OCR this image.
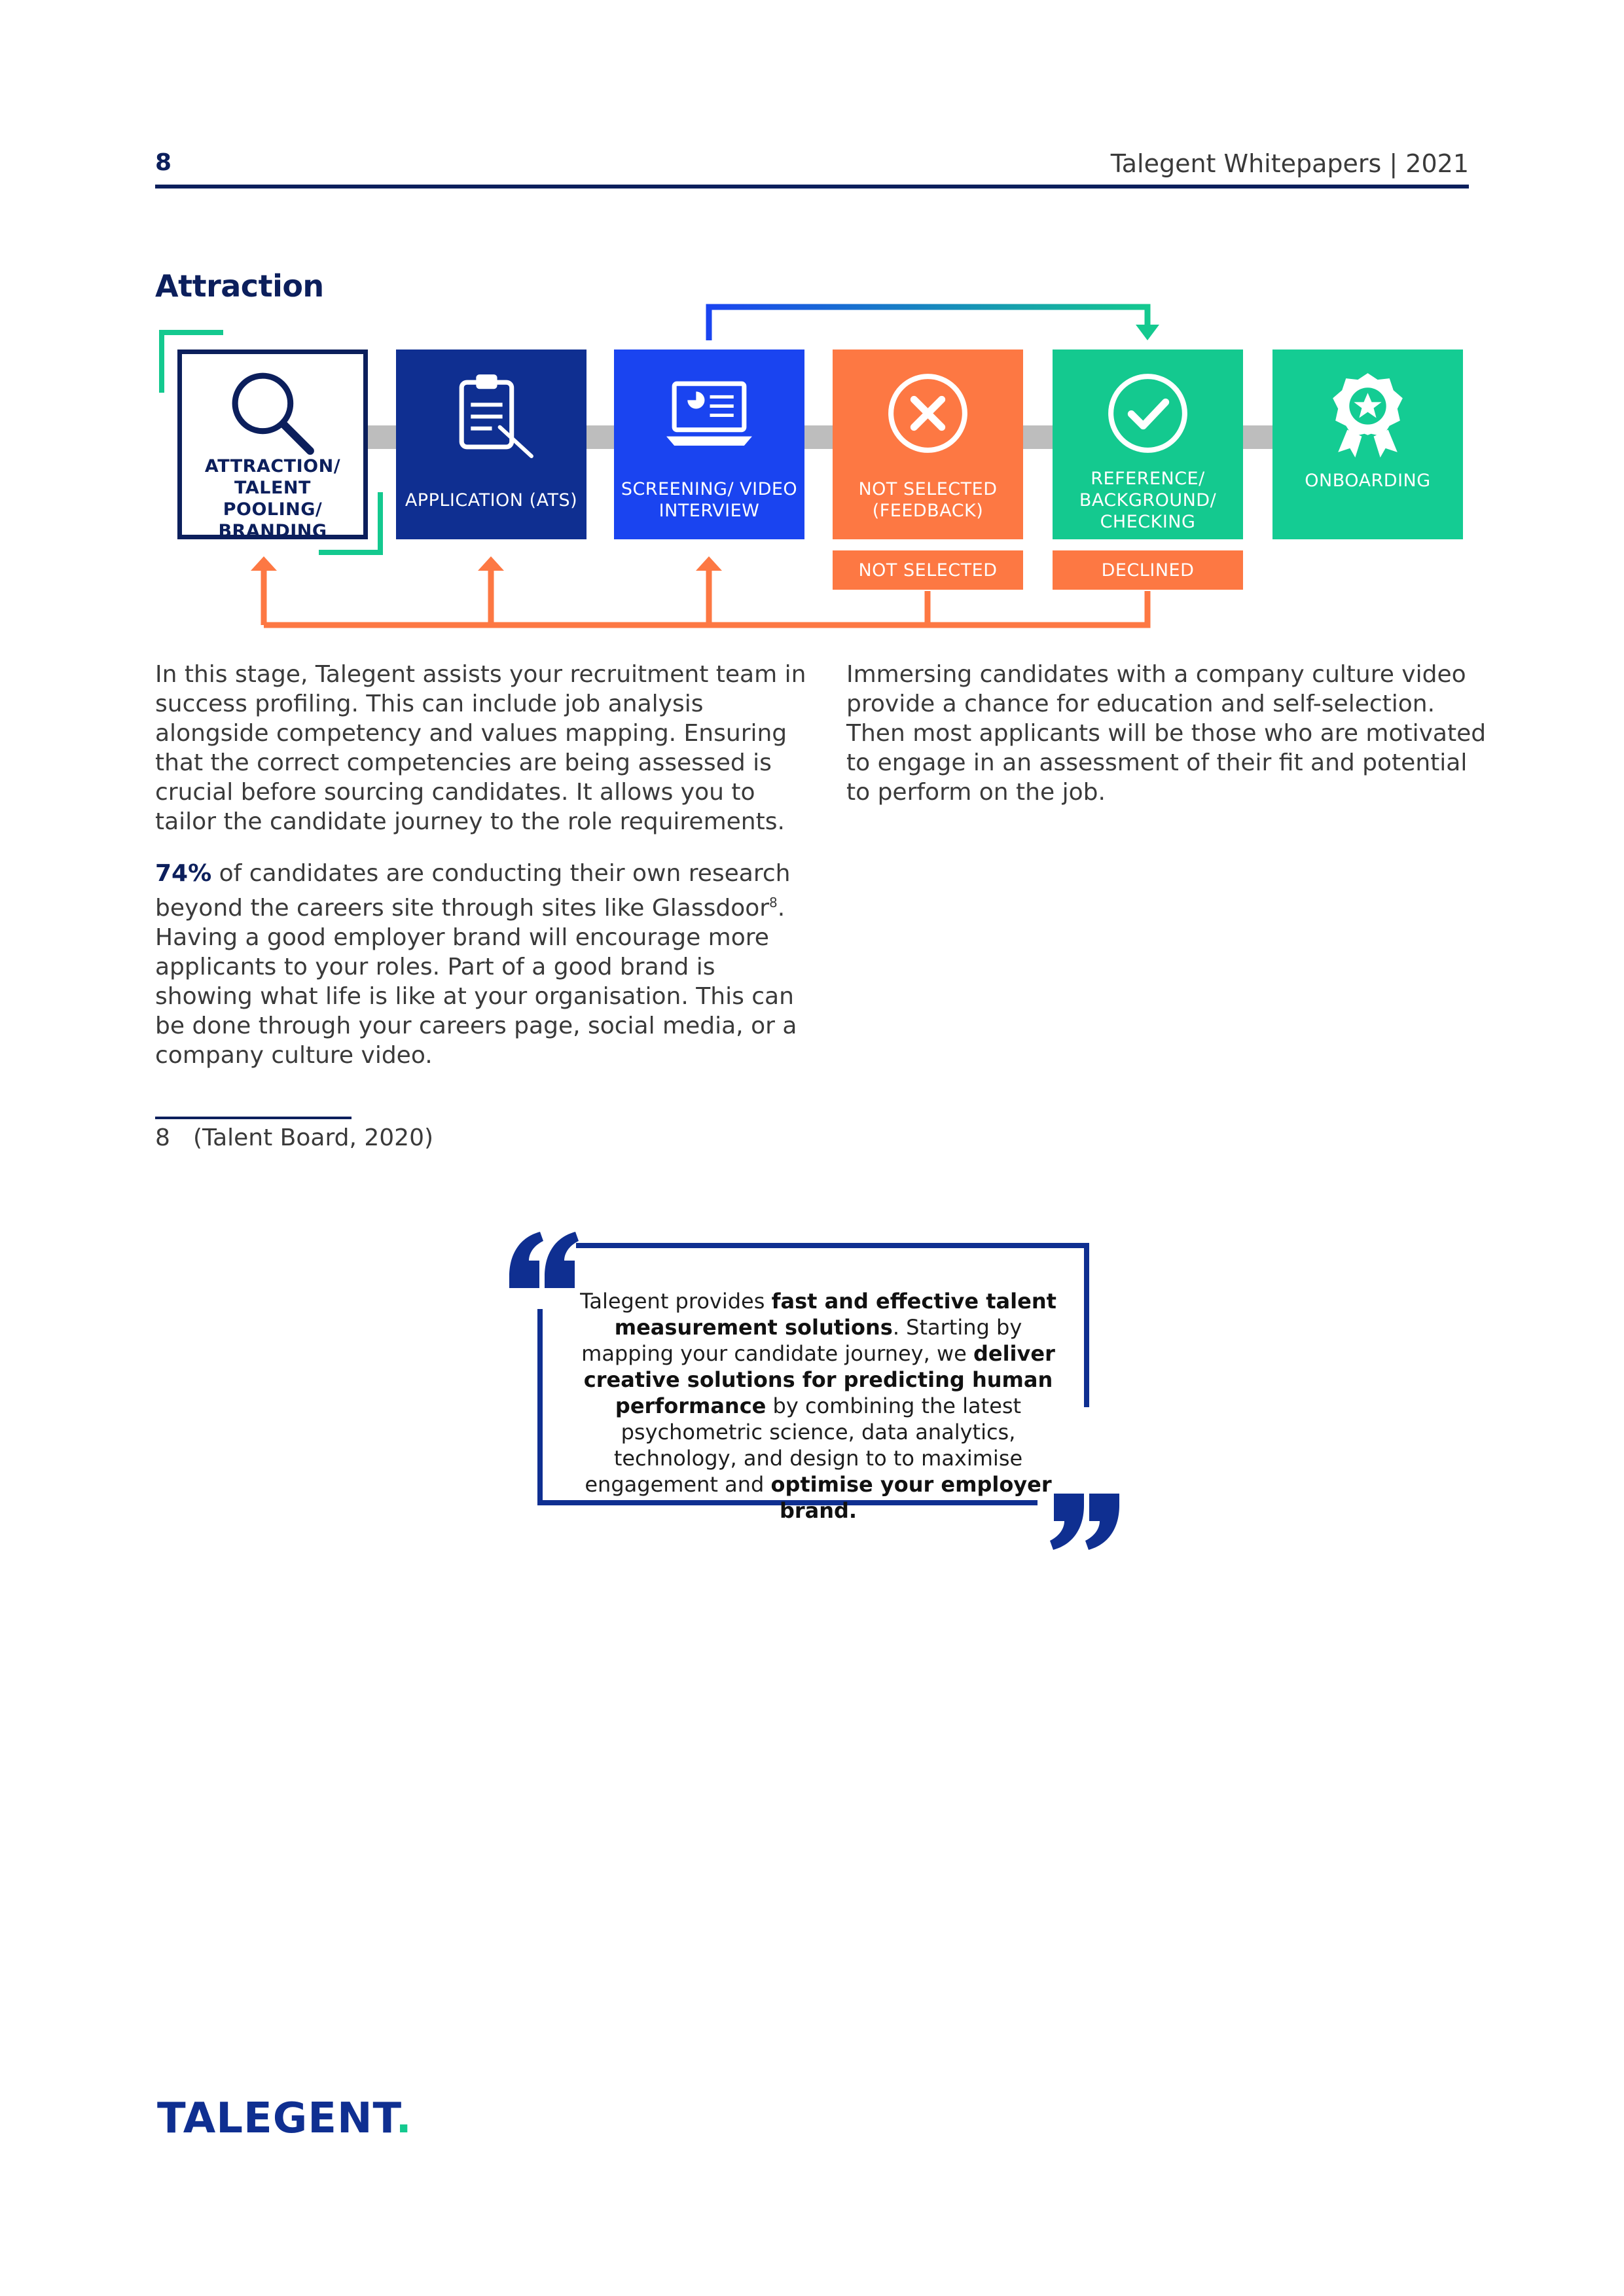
8	Talegent Whitepapers | 2021
Attraction
ATTRACTION/ TALENT POOLING/ BRANDING
APPLICATION (ATS)
SCREENING/ VIDEO INTERVIEW
NOT SELECTED (FEEDBACK)
REFERENCE/ BACKGROUND/ CHECKING
ONBOARDING
NOT SELECTED	DECLINED

In this stage, Talegent assists your recruitment team in success profiling. This can include job analysis alongside competency and values mapping. Ensuring that the correct competencies are being assessed is crucial before sourcing candidates. It allows you to tailor the candidate journey to the role requirements.

74% of candidates are conducting their own research beyond the careers site through sites like Glassdoor$^8$. Having a good employer brand will encourage more applicants to your roles. Part of a good brand is showing what life is like at your organisation. This can be done through your careers page, social media, or a company culture video.

Immersing candidates with a company culture video provide a chance for education and self-selection. Then most applicants will be those who are motivated to engage in an assessment of their fit and potential to perform on the job.

8 (Talent Board, 2020)
Talegent provides fast and effective talent measurement solutions. Starting by mapping your candidate journey, we deliver creative solutions for predicting human performance by combining the latest psychometric science, data analytics, technology, and design to to maximise engagement and optimise your employer brand.
TALEGENT.
